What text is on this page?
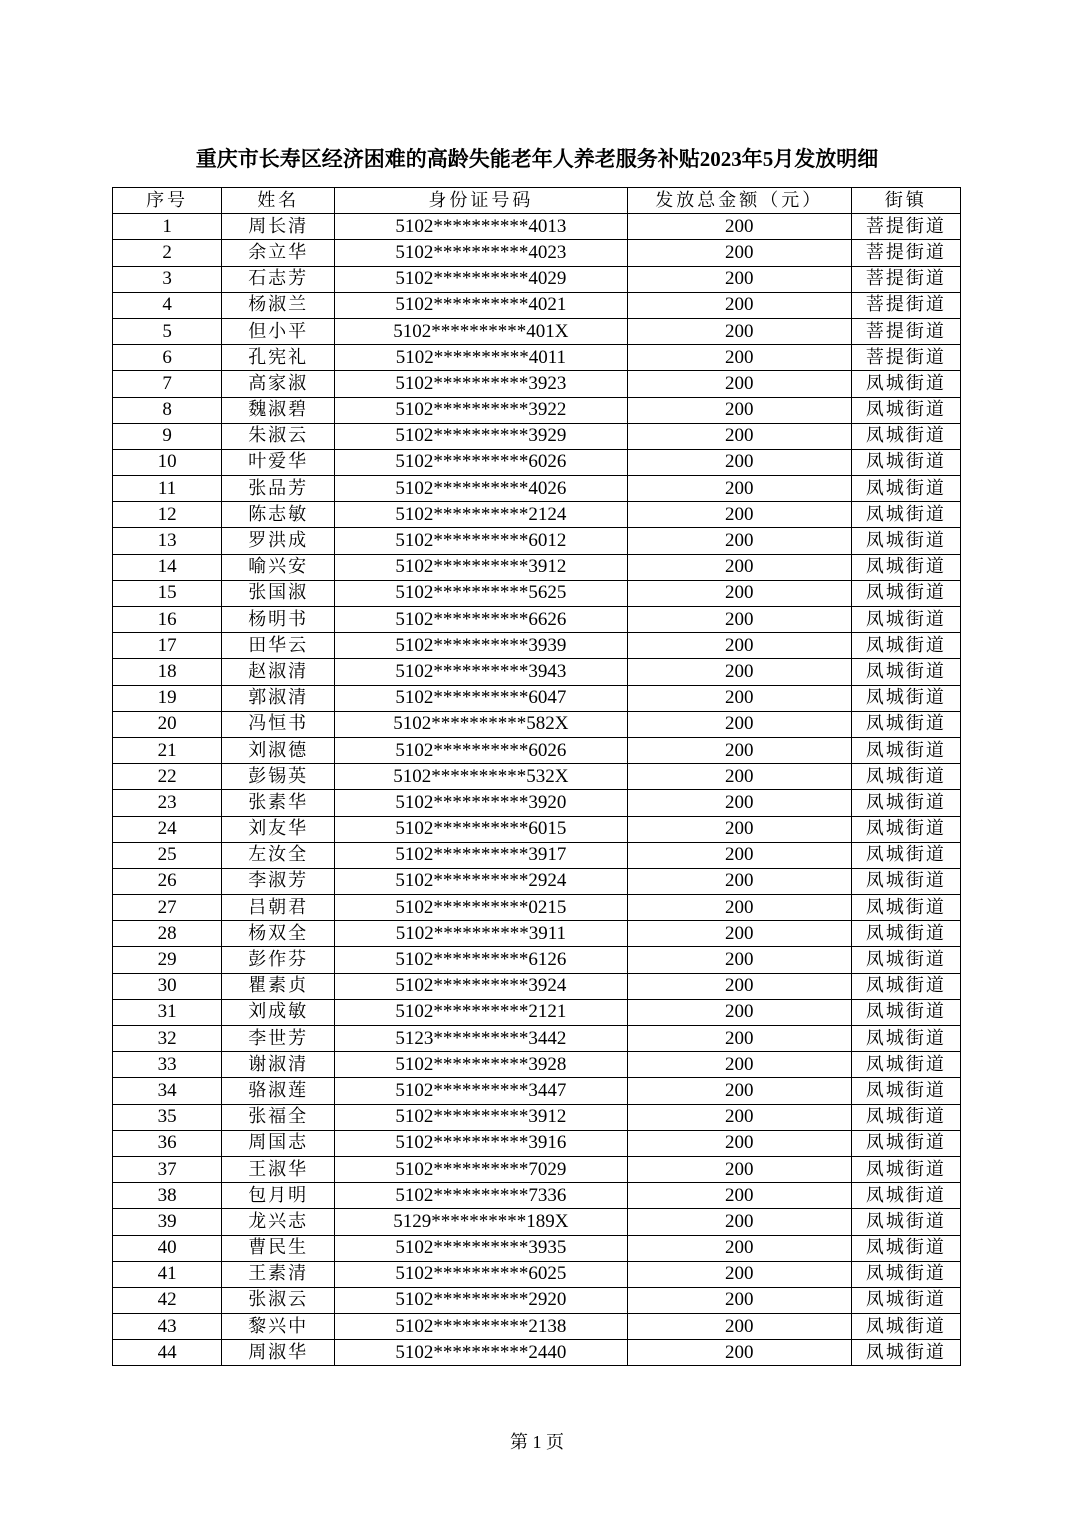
重庆市长寿区经济困难的高龄失能老年人养老服务补贴2023年5月发放明细
序号	姓名	身份证号码	发放总金额（元）	街镇
1	周长清	5102**********4013	200	菩提街道
2	余立华	5102**********4023	200	菩提街道
3	石志芳	5102**********4029	200	菩提街道
4	杨淑兰	5102**********4021	200	菩提街道
5	但小平	5102**********401X	200	菩提街道
6	孔宪礼	5102**********4011	200	菩提街道
7	高家淑	5102**********3923	200	凤城街道
8	魏淑碧	5102**********3922	200	凤城街道
9	朱淑云	5102**********3929	200	凤城街道
10	叶爱华	5102**********6026	200	凤城街道
11	张品芳	5102**********4026	200	凤城街道
12	陈志敏	5102**********2124	200	凤城街道
13	罗洪成	5102**********6012	200	凤城街道
14	喻兴安	5102**********3912	200	凤城街道
15	张国淑	5102**********5625	200	凤城街道
16	杨明书	5102**********6626	200	凤城街道
17	田华云	5102**********3939	200	凤城街道
18	赵淑清	5102**********3943	200	凤城街道
19	郭淑清	5102**********6047	200	凤城街道
20	冯恒书	5102**********582X	200	凤城街道
21	刘淑德	5102**********6026	200	凤城街道
22	彭锡英	5102**********532X	200	凤城街道
23	张素华	5102**********3920	200	凤城街道
24	刘友华	5102**********6015	200	凤城街道
25	左汝全	5102**********3917	200	凤城街道
26	李淑芳	5102**********2924	200	凤城街道
27	吕朝君	5102**********0215	200	凤城街道
28	杨双全	5102**********3911	200	凤城街道
29	彭作芬	5102**********6126	200	凤城街道
30	瞿素贞	5102**********3924	200	凤城街道
31	刘成敏	5102**********2121	200	凤城街道
32	李世芳	5123**********3442	200	凤城街道
33	谢淑清	5102**********3928	200	凤城街道
34	骆淑莲	5102**********3447	200	凤城街道
35	张福全	5102**********3912	200	凤城街道
36	周国志	5102**********3916	200	凤城街道
37	王淑华	5102**********7029	200	凤城街道
38	包月明	5102**********7336	200	凤城街道
39	龙兴志	5129**********189X	200	凤城街道
40	曹民生	5102**********3935	200	凤城街道
41	王素清	5102**********6025	200	凤城街道
42	张淑云	5102**********2920	200	凤城街道
43	黎兴中	5102**********2138	200	凤城街道
44	周淑华	5102**********2440	200	凤城街道
第 1 页
